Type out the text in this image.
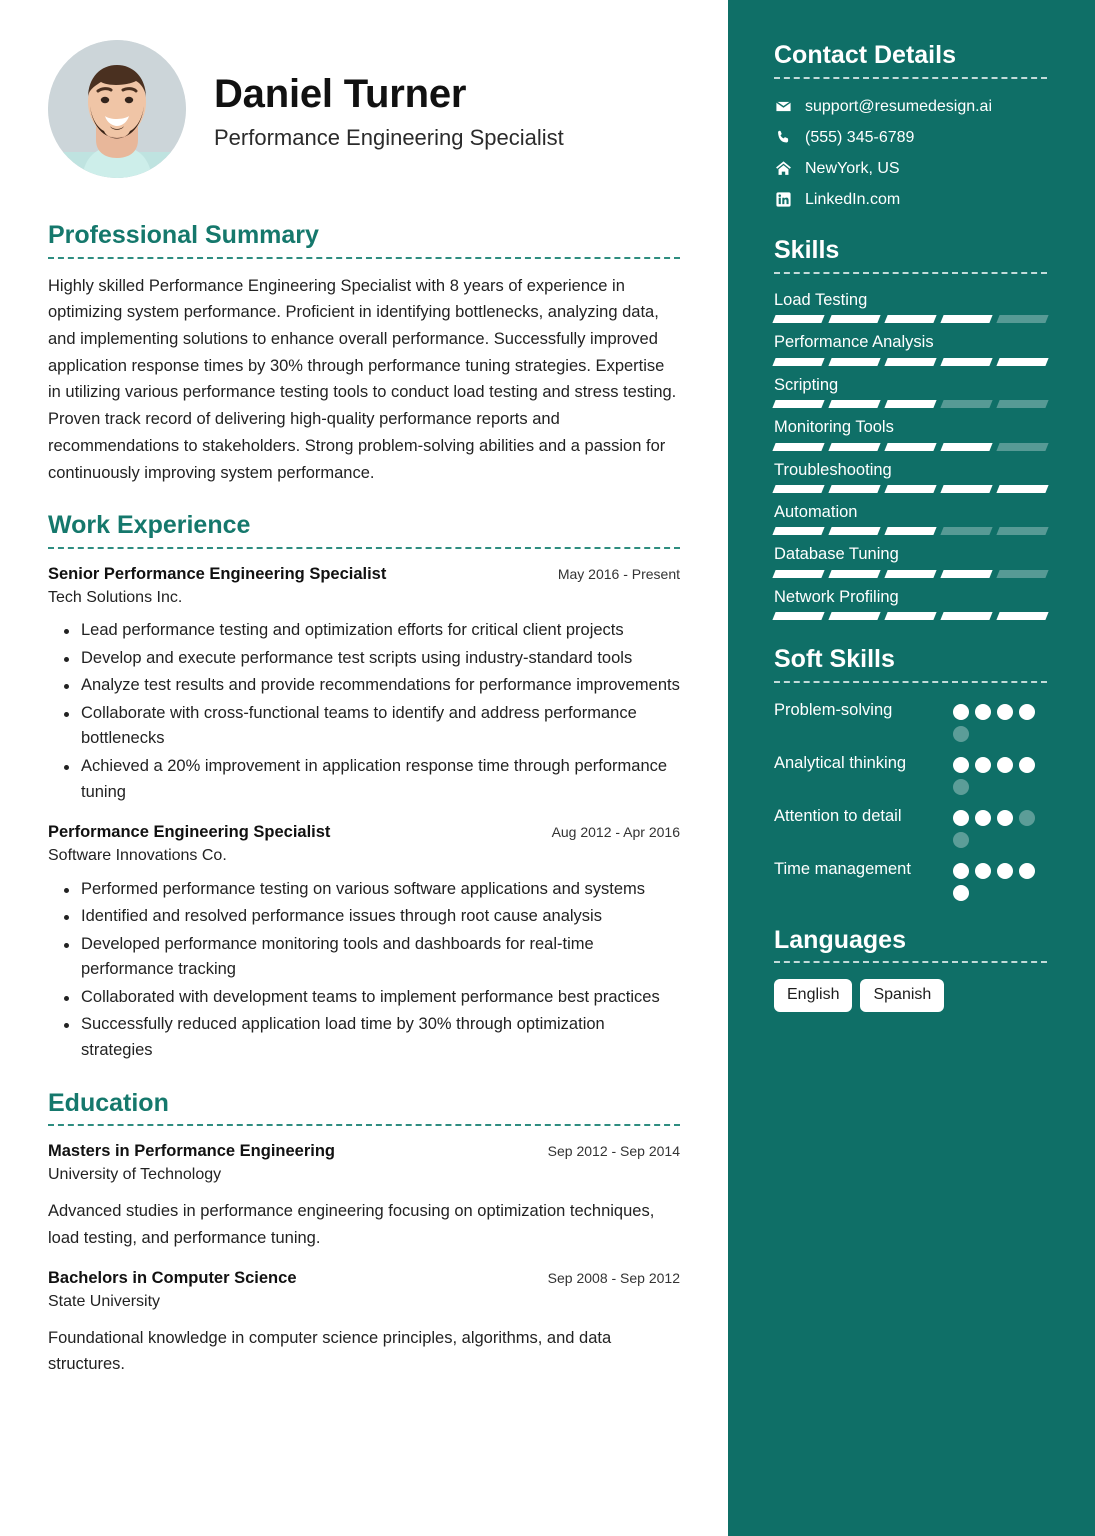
Daniel Turner
Performance Engineering Specialist
Professional Summary
Highly skilled Performance Engineering Specialist with 8 years of experience in optimizing system performance. Proficient in identifying bottlenecks, analyzing data, and implementing solutions to enhance overall performance. Successfully improved application response times by 30% through performance tuning strategies. Expertise in utilizing various performance testing tools to conduct load testing and stress testing. Proven track record of delivering high-quality performance reports and recommendations to stakeholders. Strong problem-solving abilities and a passion for continuously improving system performance.
Work Experience
Senior Performance Engineering Specialist	May 2016 - Present
Tech Solutions Inc.
Lead performance testing and optimization efforts for critical client projects
Develop and execute performance test scripts using industry-standard tools
Analyze test results and provide recommendations for performance improvements
Collaborate with cross-functional teams to identify and address performance bottlenecks
Achieved a 20% improvement in application response time through performance tuning
Performance Engineering Specialist	Aug 2012 - Apr 2016
Software Innovations Co.
Performed performance testing on various software applications and systems
Identified and resolved performance issues through root cause analysis
Developed performance monitoring tools and dashboards for real-time performance tracking
Collaborated with development teams to implement performance best practices
Successfully reduced application load time by 30% through optimization strategies
Education
Masters in Performance Engineering	Sep 2012 - Sep 2014
University of Technology
Advanced studies in performance engineering focusing on optimization techniques, load testing, and performance tuning.
Bachelors in Computer Science	Sep 2008 - Sep 2012
State University
Foundational knowledge in computer science principles, algorithms, and data structures.
Contact Details
support@resumedesign.ai
(555) 345-6789
NewYork, US
LinkedIn.com
Skills
Load Testing
Performance Analysis
Scripting
Monitoring Tools
Troubleshooting
Automation
Database Tuning
Network Profiling
Soft Skills
Problem-solving
Analytical thinking
Attention to detail
Time management
Languages
English	Spanish
